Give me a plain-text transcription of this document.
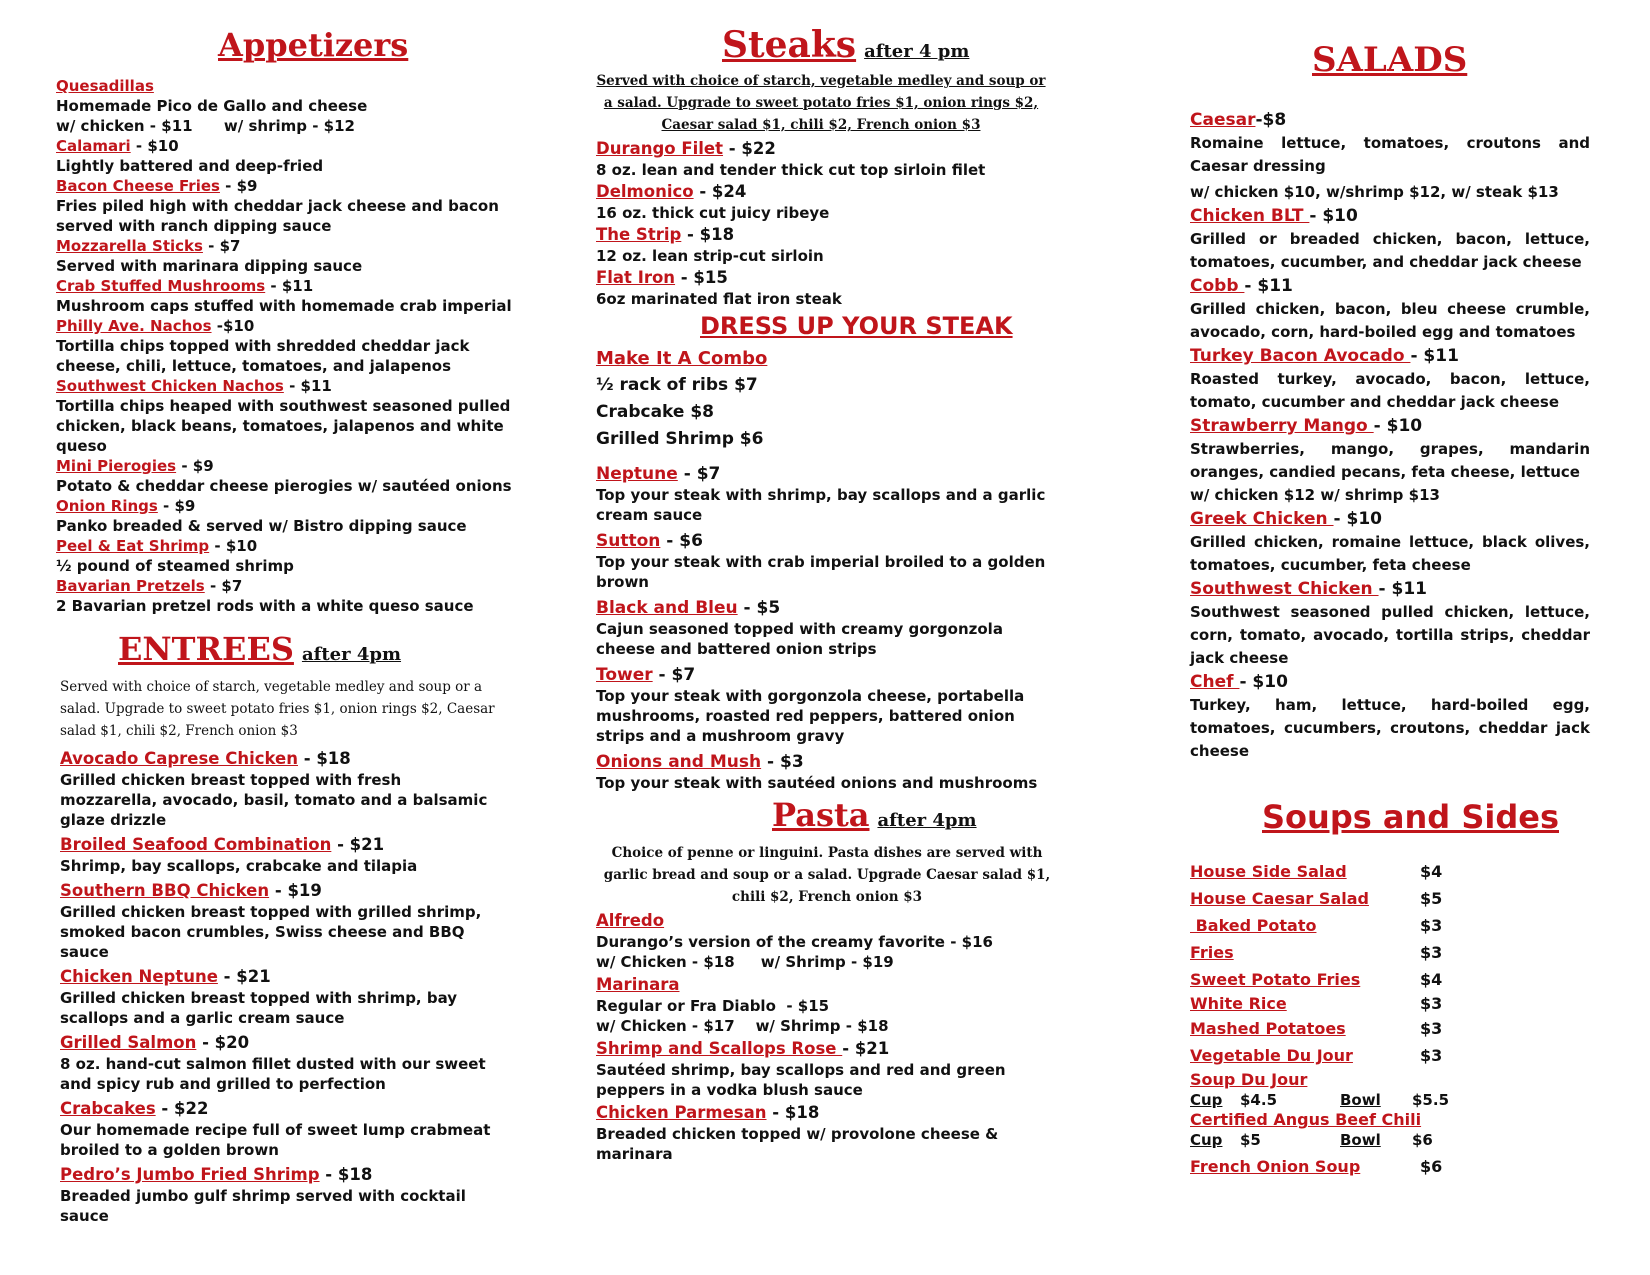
Appetizers
Quesadillas
Homemade Pico de Gallo and cheese
w/ chicken - $11      w/ shrimp - $12
Calamari - $10
Lightly battered and deep-fried
Bacon Cheese Fries - $9
Fries piled high with cheddar jack cheese and bacon served with ranch dipping sauce
Mozzarella Sticks - $7
Served with marinara dipping sauce
Crab Stuffed Mushrooms - $11
Mushroom caps stuffed with homemade crab imperial
Philly Ave. Nachos -$10
Tortilla chips topped with shredded cheddar jack cheese, chili, lettuce, tomatoes, and jalapenos
Southwest Chicken Nachos - $11
Tortilla chips heaped with southwest seasoned pulled chicken, black beans, tomatoes, jalapenos and white queso
Mini Pierogies - $9
Potato & cheddar cheese pierogies w/ sautéed onions
Onion Rings - $9
Panko breaded & served w/ Bistro dipping sauce
Peel & Eat Shrimp - $10
½ pound of steamed shrimp
Bavarian Pretzels - $7
2 Bavarian pretzel rods with a white queso sauce
ENTREES after 4pm
Served with choice of starch, vegetable medley and soup or a salad. Upgrade to sweet potato fries $1, onion rings $2, Caesar salad $1, chili $2, French onion $3
Avocado Caprese Chicken - $18
Grilled chicken breast topped with fresh mozzarella, avocado, basil, tomato and a balsamic glaze drizzle
Broiled Seafood Combination - $21
Shrimp, bay scallops, crabcake and tilapia
Southern BBQ Chicken - $19
Grilled chicken breast topped with grilled shrimp, smoked bacon crumbles, Swiss cheese and BBQ sauce
Chicken Neptune - $21
Grilled chicken breast topped with shrimp, bay scallops and a garlic cream sauce
Grilled Salmon - $20
8 oz. hand-cut salmon fillet dusted with our sweet and spicy rub and grilled to perfection
Crabcakes - $22
Our homemade recipe full of sweet lump crabmeat broiled to a golden brown
Pedro’s Jumbo Fried Shrimp - $18
Breaded jumbo gulf shrimp served with cocktail sauce
Steaks after 4 pm
Served with choice of starch, vegetable medley and soup or a salad. Upgrade to sweet potato fries $1, onion rings $2, Caesar salad $1, chili $2, French onion $3
Durango Filet - $22
8 oz. lean and tender thick cut top sirloin filet
Delmonico - $24
16 oz. thick cut juicy ribeye
The Strip - $18
12 oz. lean strip-cut sirloin
Flat Iron - $15
6oz marinated flat iron steak
DRESS UP YOUR STEAK
Make It A Combo
½ rack of ribs $7
Crabcake $8
Grilled Shrimp $6
Neptune - $7
Top your steak with shrimp, bay scallops and a garlic cream sauce
Sutton - $6
Top your steak with crab imperial broiled to a golden brown
Black and Bleu - $5
Cajun seasoned topped with creamy gorgonzola cheese and battered onion strips
Tower - $7
Top your steak with gorgonzola cheese, portabella mushrooms, roasted red peppers, battered onion strips and a mushroom gravy
Onions and Mush - $3
Top your steak with sautéed onions and mushrooms
Pasta after 4pm
Choice of penne or linguini. Pasta dishes are served with garlic bread and soup or a salad. Upgrade Caesar salad $1, chili $2, French onion $3
Alfredo
Durango’s version of the creamy favorite - $16
w/ Chicken - $18     w/ Shrimp - $19
Marinara
Regular or Fra Diablo  - $15
w/ Chicken - $17    w/ Shrimp - $18
Shrimp and Scallops Rose - $21
Sautéed shrimp, bay scallops and red and green peppers in a vodka blush sauce
Chicken Parmesan - $18
Breaded chicken topped w/ provolone cheese & marinara
SALADS
Caesar-$8
Romaine lettuce, tomatoes, croutons and Caesar dressing
w/ chicken $10, w/shrimp $12, w/ steak $13
Chicken BLT - $10
Grilled or breaded chicken, bacon, lettuce, tomatoes, cucumber, and cheddar jack cheese
Cobb - $11
Grilled chicken, bacon, bleu cheese crumble, avocado, corn, hard-boiled egg and tomatoes
Turkey Bacon Avocado - $11
Roasted turkey, avocado, bacon, lettuce, tomato, cucumber and cheddar jack cheese
Strawberry Mango - $10
Strawberries, mango, grapes, mandarin oranges, candied pecans, feta cheese, lettuce
w/ chicken $12 w/ shrimp $13
Greek Chicken - $10
Grilled chicken, romaine lettuce, black olives, tomatoes, cucumber, feta cheese
Southwest Chicken - $11
Southwest seasoned pulled chicken, lettuce, corn, tomato, avocado, tortilla strips, cheddar jack cheese
Chef - $10
Turkey, ham, lettuce, hard-boiled egg, tomatoes, cucumbers, croutons, cheddar jack cheese
Soups and Sides
House Side Salad	$4
House Caesar Salad	$5
Baked Potato	$3
Fries	$3
Sweet Potato Fries	$4
White Rice	$3
Mashed Potatoes	$3
Vegetable Du Jour	$3
Soup Du Jour
Cup	$4.5	Bowl	$5.5
Certified Angus Beef Chili
Cup	$5	Bowl	$6
French Onion Soup	$6
